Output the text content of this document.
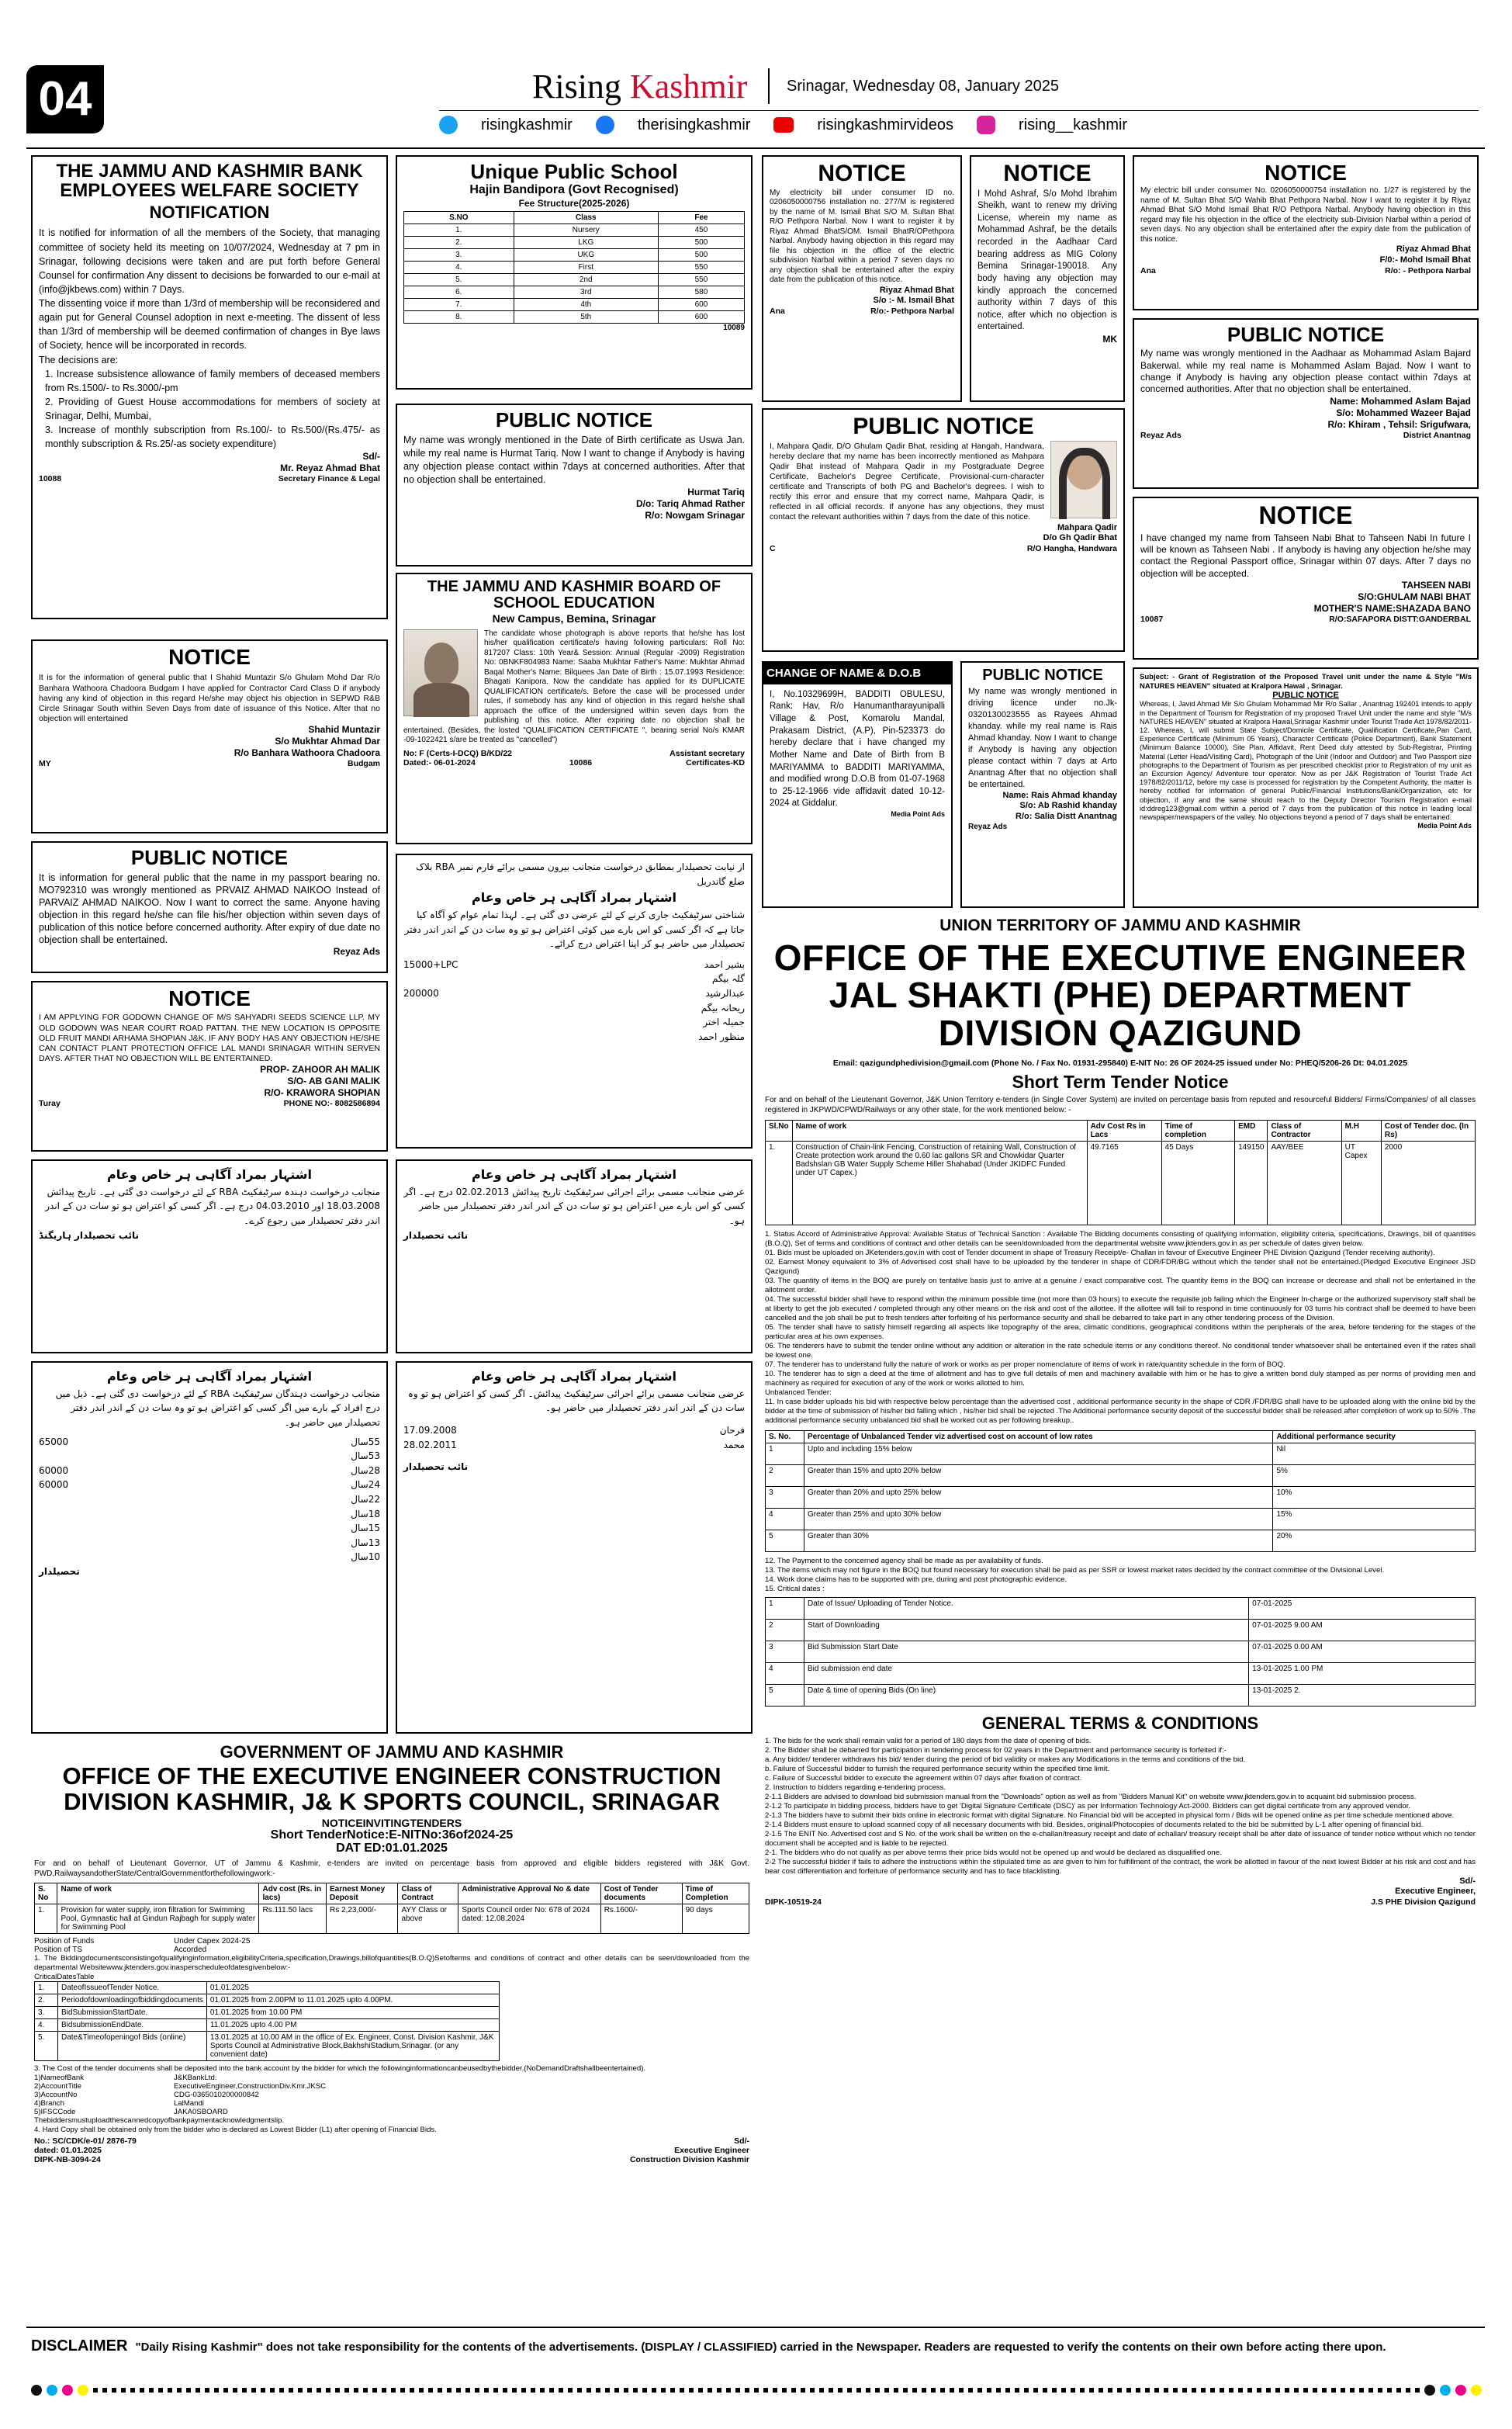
04	Rising Kashmir	Srinagar, Wednesday 08, January 2025
risingkashmir	therisingkashmir	risingkashmirvideos	rising__kashmir
THE JAMMU AND KASHMIR BANK EMPLOYEES WELFARE SOCIETY
NOTIFICATION

It is notified for information of all the members of the Society, that managing committee of society held its meeting on 10/07/2024, Wednesday at 7 pm in Srinagar, following decisions were taken and are put forth before General Counsel for confirmation Any dissent to decisions be forwarded to our e-mail at (info@jkbews.com) within 7 Days.

The dissenting voice if more than 1/3rd of membership will be reconsidered and again put for General Counsel adoption in next e-meeting. The dissent of less than 1/3rd of membership will be deemed confirmation of changes in Bye laws of Society, hence will be incorporated in records.

The decisions are:

1. Increase subsistence allowance of family members of deceased members from Rs.1500/- to Rs.3000/-pm

2. Providing of Guest House accommodations for members of society at Srinagar, Delhi, Mumbai,

3. Increase of monthly subscription from Rs.100/- to Rs.500/(Rs.475/- as monthly subscription & Rs.25/-as society expenditure)

Sd/-
Mr. Reyaz Ahmad Bhat
10088	Secretary Finance & Legal
NOTICE

It is for the information of general public that I Shahid Muntazir S/o Ghulam Mohd Dar R/o Banhara Wathoora Chadoora Budgam I have applied for Contractor Card Class D if anybody having any kind of objection in this regard He/she may object his objection in SEPWD R&B Circle Srinagar South within Seven Days from date of issuance of this Notice. After that no objection will entertained

Shahid Muntazir
S/o Mukhtar Ahmad Dar
R/o Banhara Wathoora Chadoora
MY	Budgam
PUBLIC NOTICE

It is information for general public that the name in my passport bearing no. MO792310 was wrongly mentioned as PRVAIZ AHMAD NAIKOO Instead of PARVAIZ AHMAD NAIKOO. Now I want to correct the same. Anyone having objection in this regard he/she can file his/her objection within seven days of publication of this notice before concerned authority. After expiry of due date no objection shall be entertained.

Reyaz Ads
NOTICE

I AM APPLYING FOR GODOWN CHANGE OF M/S SAHYADRI SEEDS SCIENCE LLP. MY OLD GODOWN WAS NEAR COURT ROAD PATTAN. THE NEW LOCATION IS OPPOSITE OLD FRUIT MANDI ARHAMA SHOPIAN J&K. IF ANY BODY HAS ANY OBJECTION HE/SHE CAN CONTACT PLANT PROTECTION OFFICE LAL MANDI SRINAGAR WITHIN SERVEN DAYS. AFTER THAT NO OBJECTION WILL BE ENTERTAINED.

PROP- ZAHOOR AH MALIK
S/O- AB GANI MALIK
R/O- KRAWORA SHOPIAN
Turay	PHONE NO:- 8082586894
از نیابت تحصیلدار بمطابق درخواست منجانب بیرون مسمی برائے فارم نمبر RBA بلاک ضلع گاندربل
اشتہار بمراد آگاہی ہر خاص وعام
شناختی سرٹیفکیٹ جاری کرنے کے لئے عرضی دی گئی ہے۔ لہذا تمام عوام کو آگاہ کیا جاتا ہے کہ اگر کسی کو اس بارے میں کوئی اعتراض ہو تو وہ سات دن کے اندر اندر دفتر تحصیلدار میں حاضر ہو کر اپنا اعتراض درج کرائے۔
بشیر احمد
15000+LPC
گلہ بیگم
عبدالرشید
200000
ریحانہ بیگم
جمیلہ اختر
منظور احمد
اشتہار بمراد آگاہی ہر خاص وعام
منجانب درخواست دہندہ سرٹیفکیٹ RBA کے لئے درخواست دی گئی ہے۔ تاریخ پیدائش 18.03.2008 اور 04.03.2010 درج ہے۔ اگر کسی کو اعتراض ہو تو سات دن کے اندر اندر دفتر تحصیلدار میں رجوع کرے۔
نائب تحصیلدار ہاریگنڈ
اشتہار بمراد آگاہی ہر خاص وعام
منجانب درخواست دہندگان سرٹیفکیٹ RBA کے لئے درخواست دی گئی ہے۔ ذیل میں درج افراد کے بارے میں اگر کسی کو اعتراض ہو تو وہ سات دن کے اندر اندر دفتر تحصیلدار میں حاضر ہو۔
55سال
65000
53سال
28سال
60000
24سال
60000
22سال
18سال
15سال
13سال
10سال
تحصیلدار
اشتہار بمراد آگاہی ہر خاص وعام
عرضی منجانب مسمی برائے اجرائی سرٹیفکیٹ تاریخ پیدائش 02.02.2013 درج ہے۔ اگر کسی کو اس بارے میں اعتراض ہو تو سات دن کے اندر اندر دفتر تحصیلدار میں حاضر ہو۔
نائب تحصیلدار
اشتہار بمراد آگاہی ہر خاص وعام
عرضی منجانب مسمی برائے اجرائی سرٹیفکیٹ پیدائش۔ اگر کسی کو اعتراض ہو تو وہ سات دن کے اندر اندر دفتر تحصیلدار میں حاضر ہو۔
فرحان
17.09.2008
محمد
28.02.2011
نائب تحصیلدار
Unique Public School
Hajin Bandipora (Govt Recognised)
Fee Structure(2025-2026)
S.NO	Class	Fee
1.	Nursery	450
2.	LKG	500
3.	UKG	500
4.	First	550
5.	2nd	550
6.	3rd	580
7.	4th	600
8.	5th	600
10089
PUBLIC NOTICE

My name was wrongly mentioned in the Date of Birth certificate as Uswa Jan. while my real name is Hurmat Tariq. Now I want to change if Anybody is having any objection please contact within 7days at concerned authorities. After that no objection shall be entertained.

Hurmat Tariq
D/o: Tariq Ahmad Rather
R/o: Nowgam Srinagar
THE JAMMU AND KASHMIR BOARD OF SCHOOL EDUCATION
New Campus, Bemina, Srinagar

The candidate whose photograph is above reports that he/she has lost his/her qualification certificate/s having following particulars: Roll No: 817207 Class: 10th Year& Session: Annual (Regular -2009) Registration No: 0BNKF804983 Name: Saaba Mukhtar Father's Name: Mukhtar Ahmad Baqal Mother's Name: Bilquees Jan Date of Birth : 15.07.1993 Residence: Bhagati Kanipora. Now the candidate has applied for its DUPLICATE QUALIFICATION certificate/s. Before the case will be processed under rules, if somebody has any kind of objection in this regard he/she shall approach the office of the undersigned within seven days from the publishing of this notice. After expiring date no objection shall be entertained. (Besides, the losted "QUALIFICATION CERTIFICATE ", bearing serial No/s KMAR -09-1022421 s/are be treated as "cancelled")

No: F (Certs-I-DCQ) B/KD/22	Assistant secretary
Dated:- 06-01-2024	10086	Certificates-KD
NOTICE

My electricity bill under consumer ID no. 0206050000756 installation no. 277/M is registered by the name of M. Ismail Bhat S/O M. Sultan Bhat R/O Pethpora Narbal. Now I want to register it by Riyaz Ahmad BhatS/OM. Ismail BhatR/OPethpora Narbal. Anybody having objection in this regard may file his objection in the office of the electric subdivision Narbal within a period 7 seven days no any objection shall be entertained after the expiry date from the publication of this notice.

Riyaz Ahmad Bhat
S/o :- M. Ismail Bhat
Ana	R/o:- Pethpora Narbal
NOTICE

I Mohd Ashraf, S/o Mohd Ibrahim Sheikh, want to renew my driving License, wherein my name as Mohammad Ashraf, be the details recorded in the Aadhaar Card bearing address as MIG Colony Bemina Srinagar-190018. Any body having any objection may kindly approach the concerned authority within 7 days of this notice, after which no objection is entertained.

MK
PUBLIC NOTICE

I, Mahpara Qadir, D/O Ghulam Qadir Bhat, residing at Hangah, Handwara, hereby declare that my name has been incorrectly mentioned as Mahpara Qadir Bhat instead of Mahpara Qadir in my Postgraduate Degree Certificate, Bachelor's Degree Certificate, Provisional-cum-character certificate and Transcripts of both PG and Bachelor's degrees. I wish to rectify this error and ensure that my correct name, Mahpara Qadir, is reflected in all official records. If anyone has any objections, they must contact the relevant authorities within 7 days from the date of this notice.

Mahpara Qadir
D/o Gh Qadir Bhat
C	R/O Hangha, Handwara
CHANGE OF NAME & D.O.B

I, No.10329699H, BADDITI OBULESU, Rank: Hav, R/o Hanumantharayunipalli Village & Post, Komarolu Mandal, Prakasam District, (A.P), Pin-523373 do hereby declare that i have changed my Mother Name and Date of Birth from B MARIYAMMA to BADDITI MARIYAMMA, and modified wrong D.O.B from 01-07-1968 to 25-12-1966 vide affidavit dated 10-12-2024 at Giddalur.

Media Point Ads
PUBLIC NOTICE

My name was wrongly mentioned in driving licence under no.Jk-0320130023555 as Rayees Ahmad khanday. while my real name is Rais Ahmad khanday. Now I want to change if Anybody is having any objection please contact within 7 days at Arto Anantnag After that no objection shall be entertained.

Name: Rais Ahmad khanday
S/o: Ab Rashid khanday
R/o: Salia Distt Anantnag
Reyaz Ads
NOTICE

My electric bill under consumer No. 0206050000754 installation no. 1/27 is registered by the name of M. Sultan Bhat S/O Wahib Bhat Pethpora Narbal. Now I want to register it by Riyaz Ahmad Bhat S/O Mohd Ismail Bhat R/O Pethpora Narbal. Anybody having objection in this regard may file his objection in the office of the electricity sub-Division Narbal within a period of seven days. No any objection shall be entertained after the expiry date from the publication of this notice.

Riyaz Ahmad Bhat
F/0:- Mohd Ismail Bhat
Ana	R/o: - Pethpora Narbal
PUBLIC NOTICE

My name was wrongly mentioned in the Aadhaar as Mohammad Aslam Bajard Bakerwal. while my real name is Mohammed Aslam Bajad. Now I want to change if Anybody is having any objection please contact within 7days at concerned authorities. After that no objection shall be entertained.

Name: Mohammed Aslam Bajad
S/o: Mohammed Wazeer Bajad
R/o: Khiram , Tehsil: Srigufwara,
Reyaz Ads	District Anantnag
NOTICE

I have changed my name from Tahseen Nabi Bhat to Tahseen Nabi In future I will be known as Tahseen Nabi . If anybody is having any objection he/she may contact the Regional Passport office, Srinagar within 07 days. After 7 days no objection will be accepted.

TAHSEEN NABI
S/O:GHULAM NABI BHAT
MOTHER'S NAME:SHAZADA BANO
10087	R/O:SAFAPORA DISTT:GANDERBAL

Subject: - Grant of Registration of the Proposed Travel unit under the name & Style "M/s NATURES HEAVEN" situated at Kralpora Hawal , Srinagar.

PUBLIC NOTICE

Whereas, I, Javid Ahmad Mir S/o Ghulam Mohammad Mir R/o Sallar , Anantnag 192401 intends to apply in the Department of Tourism for Registration of my proposed Travel Unit under the name and style "M/s NATURES HEAVEN" situated at Kralpora Hawal,Srinagar Kashmir under Tourist Trade Act 1978/82/2011-12. Whereas, I, will submit State Subject/Domicile Certificate, Qualification Certificate,Pan Card, Experience Certificate (Minimum 05 Years), Character Certificate (Police Department), Bank Statement (Minimum Balance 10000), Site Plan, Affidavit, Rent Deed duly attested by Sub-Registrar, Printing Material (Letter Head/Visiting Card), Photograph of the Unit (Indoor and Outdoor) and Two Passport size photographs to the Department of Tourism as per prescribed checklist prior to Registration of my unit as an Excursion Agency/ Adventure tour operator. Now as per J&K Registration of Tourist Trade Act 1978/82/2011/12, before my case is processed for registration by the Competent Authority, the matter is hereby notified for information of general Public/Financial Institutions/Bank/Organization, etc for objection, if any and the same should reach to the Deputy Director Tourism Registration e-mail id:ddreg123@gmail.com within a period of 7 days from the publication of this notice in leading local newspaper/newspapers of the valley. No objections beyond a period of 7 days shall be entertained.

Media Point Ads
UNION TERRITORY OF JAMMU AND KASHMIR
OFFICE OF THE EXECUTIVE ENGINEER JAL SHAKTI (PHE) DEPARTMENT DIVISION QAZIGUND
Email: qazigundphedivision@gmail.com (Phone No. / Fax No. 01931-295840) E-NIT No: 26 OF 2024-25 issued under No: PHEQ/5206-26 Dt: 04.01.2025
Short Term Tender Notice

For and on behalf of the Lieutenant Governor, J&K Union Territory e-tenders (in Single Cover System) are invited on percentage basis from reputed and resourceful Bidders/ Firms/Companies/ of all classes registered in JKPWD/CPWD/Railways or any other state, for the work mentioned below: -

Sl.No	Name of work	Adv Cost Rs in Lacs	Time of completion	EMD	Class of Contractor	M.H	Cost of Tender doc. (In Rs)
1.	Construction of Chain-link Fencing, Construction of retaining Wall, Construction of Create protection work around the 0.60 lac gallons SR and Chowkidar Quarter Badshslan GB Water Supply Scheme Hiller Shahabad (Under JKIDFC Funded under UT Capex.)	49.7165	45 Days	149150	AAY/BEE	UT Capex	2000

1. Status Accord of Administrative Approval: Available Status of Technical Sanction : Available The Bidding documents consisting of qualifying information, eligibility criteria, specifications, Drawings, bill of quantities (B.O.Q), Set of terms and conditions of contract and other details can be seen/downloaded from the departmental website www.jktenders.gov.in as per schedule of dates given below.

01. Bids must be uploaded on JKetenders.gov.in with cost of Tender document in shape of Treasury Receipt/e- Challan in favour of Executive Engineer PHE Division Qazigund (Tender receiving authority).

02. Earnest Money equivalent to 3% of Advertised cost shall have to be uploaded by the tenderer in shape of CDR/FDR/BG without which the tender shall not be entertained.(Pledged Executive Engineer JSD Qazigund)

03. The quantity of items in the BOQ are purely on tentative basis just to arrive at a genuine / exact comparative cost. The quantity items in the BOQ can increase or decrease and shall not be entertained in the allotment order.

04. The successful bidder shall have to respond within the minimum possible time (not more than 03 hours) to execute the requisite job failing which the Engineer In-charge or the authorized supervisory staff shall be at liberty to get the job executed / completed through any other means on the risk and cost of the allottee. If the allottee will fail to respond in time continuously for 03 turns his contract shall be deemed to have been cancelled and the job shall be put to fresh tenders after forfeiting of his performance security and shall be debarred to take part in any other tendering process of the Division.

05. The tender shall have to satisfy himself regarding all aspects like topography of the area, climatic conditions, geographical conditions within the peripherals of the area, before tendering for the stages of the particular area at his own expenses.

06. The tenderers have to submit the tender online without any addition or alteration in the rate schedule items or any conditions thereof. No conditional tender whatsoever shall be entertained even if the rates shall be lowest one.

07. The tenderer has to understand fully the nature of work or works as per proper nomenclature of items of work in rate/quantity schedule in the form of BOQ.

10. The tenderer has to sign a deed at the time of allotment and has to give full details of men and machinery available with him or he has to give a written bond duly stamped as per norms of providing men and machinery as required for execution of any of the work or works allotted to him.

Unbalanced Tender:

11. In case bidder uploads his bid with respective below percentage than the advertised cost , additional performance security in the shape of CDR /FDR/BG shall have to be uploaded along with the online bid by the bidder at the time of submission of his/her bid falling which , his/her bid shall be rejected .The Additional performance security deposit of the successful bidder shall be released after completion of work up to 50% .The additional performance security unbalanced bid shall be worked out as per following breakup..

S. No.	Percentage of Unbalanced Tender viz advertised cost on account of low rates	Additional performance security
1	Upto and including 15% below	Nil
2	Greater than 15% and upto 20% below	5%
3	Greater than 20% and upto 25% below	10%
4	Greater than 25% and upto 30% below	15%
5	Greater than 30%	20%

12. The Payment to the concerned agency shall be made as per availability of funds.

13. The items which may not figure in the BOQ but found necessary for execution shall be paid as per SSR or lowest market rates decided by the contract committee of the Divisional Level.

14. Work done claims has to be supported with pre, during and post photographic evidence.

15. Critical dates :

1	Date of Issue/ Uploading of Tender Notice.	07-01-2025
2	Start of Downloading	07-01-2025 9.00 AM
3	Bid Submission Start Date	07-01-2025 0.00 AM
4	Bid submission end date	13-01-2025 1.00 PM
5	Date & time of opening Bids (On line)	13-01-2025 2.
GENERAL TERMS & CONDITIONS

1. The bids for the work shall remain valid for a period of 180 days from the date of opening of bids.

2. The Bidder shall be debarred for participation in tendering process for 02 years in the Department and performance security is forfeited if:-

a. Any bidder/ tenderer withdraws his bid/ tender during the period of bid validity or makes any Modifications in the terms and conditions of the bid.

b. Failure of Successful bidder to furnish the required performance security within the specified time limit.

c. Failure of Successful bidder to execute the agreement within 07 days after fixation of contract.

2. Instruction to bidders regarding e-tendering process.

2-1.1 Bidders are advised to download bid submission manual from the "Downloads" option as well as from "Bidders Manual Kit" on website www.jktenders.gov.in to acquaint bid submission process.

2-1.2 To participate in bidding process, bidders have to get 'Digital Signature Certificate (DSC)' as per Information Technology Act-2000. Bidders can get digital certificate from any approved vendor.

2-1.3 The bidders have to submit their bids online in electronic format with digital Signature. No Financial bid will be accepted in physical form / Bids will be opened online as per time schedule mentioned above.

2-1.4 Bidders must ensure to upload scanned copy of all necessary documents with bid. Besides, original/Photocopies of documents related to the bid be submitted by L-1 after opening of financial bid.

2-1.5 The ENIT No. Advertised cost and S No. of the work shall be written on the e-challan/treasury receipt and date of echallan/ treasury receipt shall be after date of issuance of tender notice without which no tender document shall be accepted and is liable to be rejected.

2-1. The bidders who do not qualify as per above terms their price bids would not be opened up and would be declared as disqualified one.

2-2 The successful bidder if fails to adhere the instructions within the stipulated time as are given to him for fulfillment of the contract, the work be allotted in favour of the next lowest Bidder at his risk and cost and has bear cost differentiation and forfeiture of performance security and has to face blacklisting.

Sd/-
Executive Engineer,
DIPK-10519-24	J.S PHE Division Qazigund
GOVERNMENT OF JAMMU AND KASHMIR
OFFICE OF THE EXECUTIVE ENGINEER CONSTRUCTION DIVISION KASHMIR, J& K SPORTS COUNCIL, SRINAGAR
NOTICEINVITINGTENDERS
Short TenderNotice:E-NITNo:36of2024-25
DAT ED:01.01.2025

For and on behalf of Lieutenant Governor, UT of Jammu & Kashmir, e-tenders are invited on percentage basis from approved and eligible bidders registered with J&K Govt. PWD,RailwaysandotherState/CentralGovernmentforthefollowingwork:-

S. No	Name of work	Adv cost (Rs. in lacs)	Earnest Money Deposit	Class of Contract	Administrative Approval No & date	Cost of Tender documents	Time of Completion
1.	Provision for water supply, iron filtration for Swimming Pool, Gymnastic hall at Gindun Rajbagh for supply water for Swimming Pool	Rs.111.50 lacs	Rs 2,23,000/-	AYY Class or above	Sports Council order No: 678 of 2024 dated: 12.08.2024	Rs.1600/-	90 days
Position of Funds	Under Capex 2024-25
Position of TS	Accorded

1. The Biddingdocumentsconsistingofqualifyinginformation,eligibilityCriteria,specification,Drawings,billofquantities(B.O.Q)Setofterms and conditions of contract and other details can be seen/downloaded from the departmental Websitewww.jktenders.gov.inasperscheduleofdatesgivenbelow:-

CriticalDatesTable
1.	DateofIssueofTender Notice.	01.01.2025
2.	Periodofdownloadingofbiddingdocuments	01.01.2025 from 2.00PM to 11.01.2025 upto 4.00PM.
3.	BidSubmissionStartDate.	01.01.2025 from 10.00 PM
4.	BidsubmissionEndDate.	11.01.2025 upto 4.00 PM
5.	Date&Timeofopeningof Bids (online)	13.01.2025 at 10.00 AM in the office of Ex. Engineer, Const. Division Kashmir, J&K Sports Council at Administrative Block,BakhshiStadium,Srinagar. (or any convenient date)

3. The Cost of the tender documents shall be deposited into the bank account by the bidder for which the followinginformationcanbeusedbythebidder.(NoDemandDraftshallbeentertained).

1)NameofBank	J&KBankLtd.
2)AccountTitle	ExecutiveEngineer,ConstructionDiv.Kmr.JKSC
3)AccountNo	CDG-0365010200000842
4)Branch	LalMandi
5)IFSCCode	JAKA0SBOARD

Thebiddersmustuploadthescannedcopyofbankpaymentacknowledgmentslip.

4. Hard Copy shall be obtained only from the bidder who is declared as Lowest Bidder (L1) after opening of Financial Bids.

No.: SC/CDK/e-01/ 2876-79	Sd/-
dated: 01.01.2025	Executive Engineer
DIPK-NB-3094-24	Construction Division Kashmir
DISCLAIMER "Daily Rising Kashmir" does not take responsibility for the contents of the advertisements. (DISPLAY / CLASSIFIED) carried in the Newspaper. Readers are requested to verify the contents on their own before acting there upon.
